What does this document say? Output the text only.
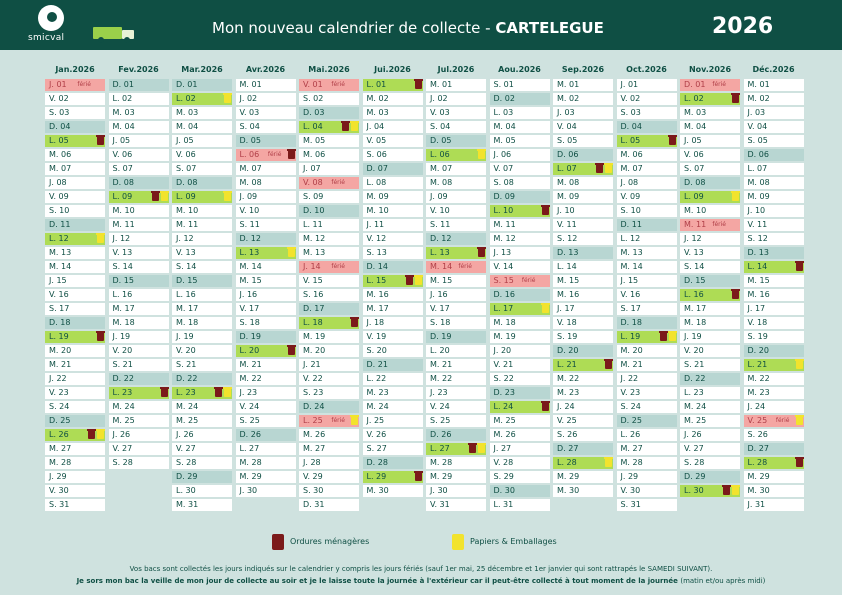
smicval
Mon nouveau calendrier de collecte - CARTELEGUE	2026
Jan.2026
J. 01 férié
V. 02
S. 03
D. 04
L. 05
M. 06
M. 07
J. 08
V. 09
S. 10
D. 11
L. 12
M. 13
M. 14
J. 15
V. 16
S. 17
D. 18
L. 19
M. 20
M. 21
J. 22
V. 23
S. 24
D. 25
L. 26
M. 27
M. 28
J. 29
V. 30
S. 31
Fev.2026
D. 01
L. 02
M. 03
M. 04
J. 05
V. 06
S. 07
D. 08
L. 09
M. 10
M. 11
J. 12
V. 13
S. 14
D. 15
L. 16
M. 17
M. 18
J. 19
V. 20
S. 21
D. 22
L. 23
M. 24
M. 25
J. 26
V. 27
S. 28
Mar.2026
D. 01
L. 02
M. 03
M. 04
J. 05
V. 06
S. 07
D. 08
L. 09
M. 10
M. 11
J. 12
V. 13
S. 14
D. 15
L. 16
M. 17
M. 18
J. 19
V. 20
S. 21
D. 22
L. 23
M. 24
M. 25
J. 26
V. 27
S. 28
D. 29
L. 30
M. 31
Avr.2026
M. 01
J. 02
V. 03
S. 04
D. 05
L. 06 férié
M. 07
M. 08
J. 09
V. 10
S. 11
D. 12
L. 13
M. 14
M. 15
J. 16
V. 17
S. 18
D. 19
L. 20
M. 21
M. 22
J. 23
V. 24
S. 25
D. 26
L. 27
M. 28
M. 29
J. 30
Mai.2026
V. 01 férié
S. 02
D. 03
L. 04
M. 05
M. 06
J. 07
V. 08 férié
S. 09
D. 10
L. 11
M. 12
M. 13
J. 14 férié
V. 15
S. 16
D. 17
L. 18
M. 19
M. 20
J. 21
V. 22
S. 23
D. 24
L. 25 férié
M. 26
M. 27
J. 28
V. 29
S. 30
D. 31
Jui.2026
L. 01
M. 02
M. 03
J. 04
V. 05
S. 06
D. 07
L. 08
M. 09
M. 10
J. 11
V. 12
S. 13
D. 14
L. 15
M. 16
M. 17
J. 18
V. 19
S. 20
D. 21
L. 22
M. 23
M. 24
J. 25
V. 26
S. 27
D. 28
L. 29
M. 30
Jul.2026
M. 01
J. 02
V. 03
S. 04
D. 05
L. 06
M. 07
M. 08
J. 09
V. 10
S. 11
D. 12
L. 13
M. 14 férié
M. 15
J. 16
V. 17
S. 18
D. 19
L. 20
M. 21
M. 22
J. 23
V. 24
S. 25
D. 26
L. 27
M. 28
M. 29
J. 30
V. 31
Aou.2026
S. 01
D. 02
L. 03
M. 04
M. 05
J. 06
V. 07
S. 08
D. 09
L. 10
M. 11
M. 12
J. 13
V. 14
S. 15 férié
D. 16
L. 17
M. 18
M. 19
J. 20
V. 21
S. 22
D. 23
L. 24
M. 25
M. 26
J. 27
V. 28
S. 29
D. 30
L. 31
Sep.2026
M. 01
M. 02
J. 03
V. 04
S. 05
D. 06
L. 07
M. 08
M. 09
J. 10
V. 11
S. 12
D. 13
L. 14
M. 15
M. 16
J. 17
V. 18
S. 19
D. 20
L. 21
M. 22
M. 23
J. 24
V. 25
S. 26
D. 27
L. 28
M. 29
M. 30
Oct.2026
J. 01
V. 02
S. 03
D. 04
L. 05
M. 06
M. 07
J. 08
V. 09
S. 10
D. 11
L. 12
M. 13
M. 14
J. 15
V. 16
S. 17
D. 18
L. 19
M. 20
M. 21
J. 22
V. 23
S. 24
D. 25
L. 26
M. 27
M. 28
J. 29
V. 30
S. 31
Nov.2026
D. 01 férié
L. 02
M. 03
M. 04
J. 05
V. 06
S. 07
D. 08
L. 09
M. 10
M. 11 férié
J. 12
V. 13
S. 14
D. 15
L. 16
M. 17
M. 18
J. 19
V. 20
S. 21
D. 22
L. 23
M. 24
M. 25
J. 26
V. 27
S. 28
D. 29
L. 30
Déc.2026
M. 01
M. 02
J. 03
V. 04
S. 05
D. 06
L. 07
M. 08
M. 09
J. 10
V. 11
S. 12
D. 13
L. 14
M. 15
M. 16
J. 17
V. 18
S. 19
D. 20
L. 21
M. 22
M. 23
J. 24
V. 25 férié
S. 26
D. 27
L. 28
M. 29
M. 30
J. 31
Ordures ménagères	Papiers & Emballages
Vos bacs sont collectés les jours indiqués sur le calendrier y compris les jours fériés (sauf 1er mai, 25 décembre et 1er janvier qui sont rattrapés le SAMEDI SUIVANT).
Je sors mon bac la veille de mon jour de collecte au soir et je le laisse toute la journée à l'extérieur car il peut-être collecté à tout moment de la journée (matin et/ou après midi)
